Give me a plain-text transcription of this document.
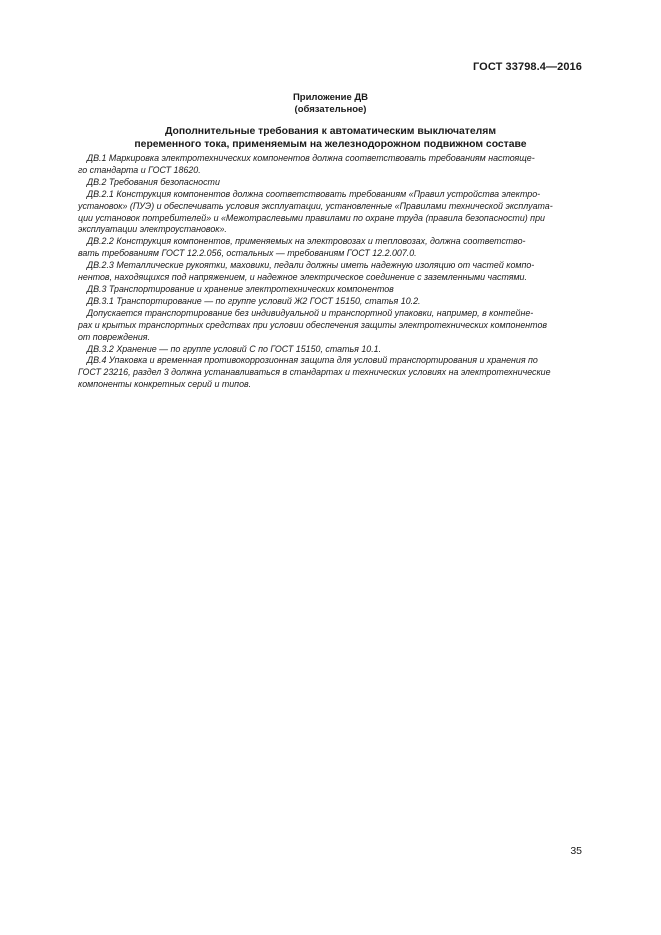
ГОСТ 33798.4—2016
Приложение ДВ
(обязательное)
Дополнительные требования к автоматическим выключателям
переменного тока, применяемым на железнодорожном подвижном составе

ДВ.1 Маркировка электротехнических компонентов должна соответствовать требованиям настояще-

го стандарта и ГОСТ 18620.

ДВ.2 Требования безопасности

ДВ.2.1 Конструкция компонентов должна соответствовать требованиям «Правил устройства электро-

установок» (ПУЭ) и обеспечивать условия эксплуатации, установленные «Правилами технической эксплуата-

ции установок потребителей» и «Межотраслевыми правилами по охране труда (правила безопасности) при

эксплуатации электроустановок».

ДВ.2.2 Конструкция компонентов, применяемых на электровозах и тепловозах, должна соответство-

вать требованиям ГОСТ 12.2.056, остальных — требованиям ГОСТ 12.2.007.0.

ДВ.2.3 Металлические рукоятки, маховики, педали должны иметь надежную изоляцию от частей компо-

нентов, находящихся под напряжением, и надежное электрическое соединение с заземленными частями.

ДВ.3 Транспортирование и хранение электротехнических компонентов

ДВ.3.1 Транспортирование — по группе условий Ж2 ГОСТ 15150, статья 10.2.

Допускается транспортирование без индивидуальной и транспортной упаковки, например, в контейне-

рах и крытых транспортных средствах при условии обеспечения защиты электротехнических компонентов

от повреждения.

ДВ.3.2 Хранение — по группе условий С по ГОСТ 15150, статья 10.1.

ДВ.4 Упаковка и временная противокоррозионная защита для условий транспортирования и хранения по

ГОСТ 23216, раздел 3 должна устанавливаться в стандартах и технических условиях на электротехнические

компоненты конкретных серий и типов.

35
